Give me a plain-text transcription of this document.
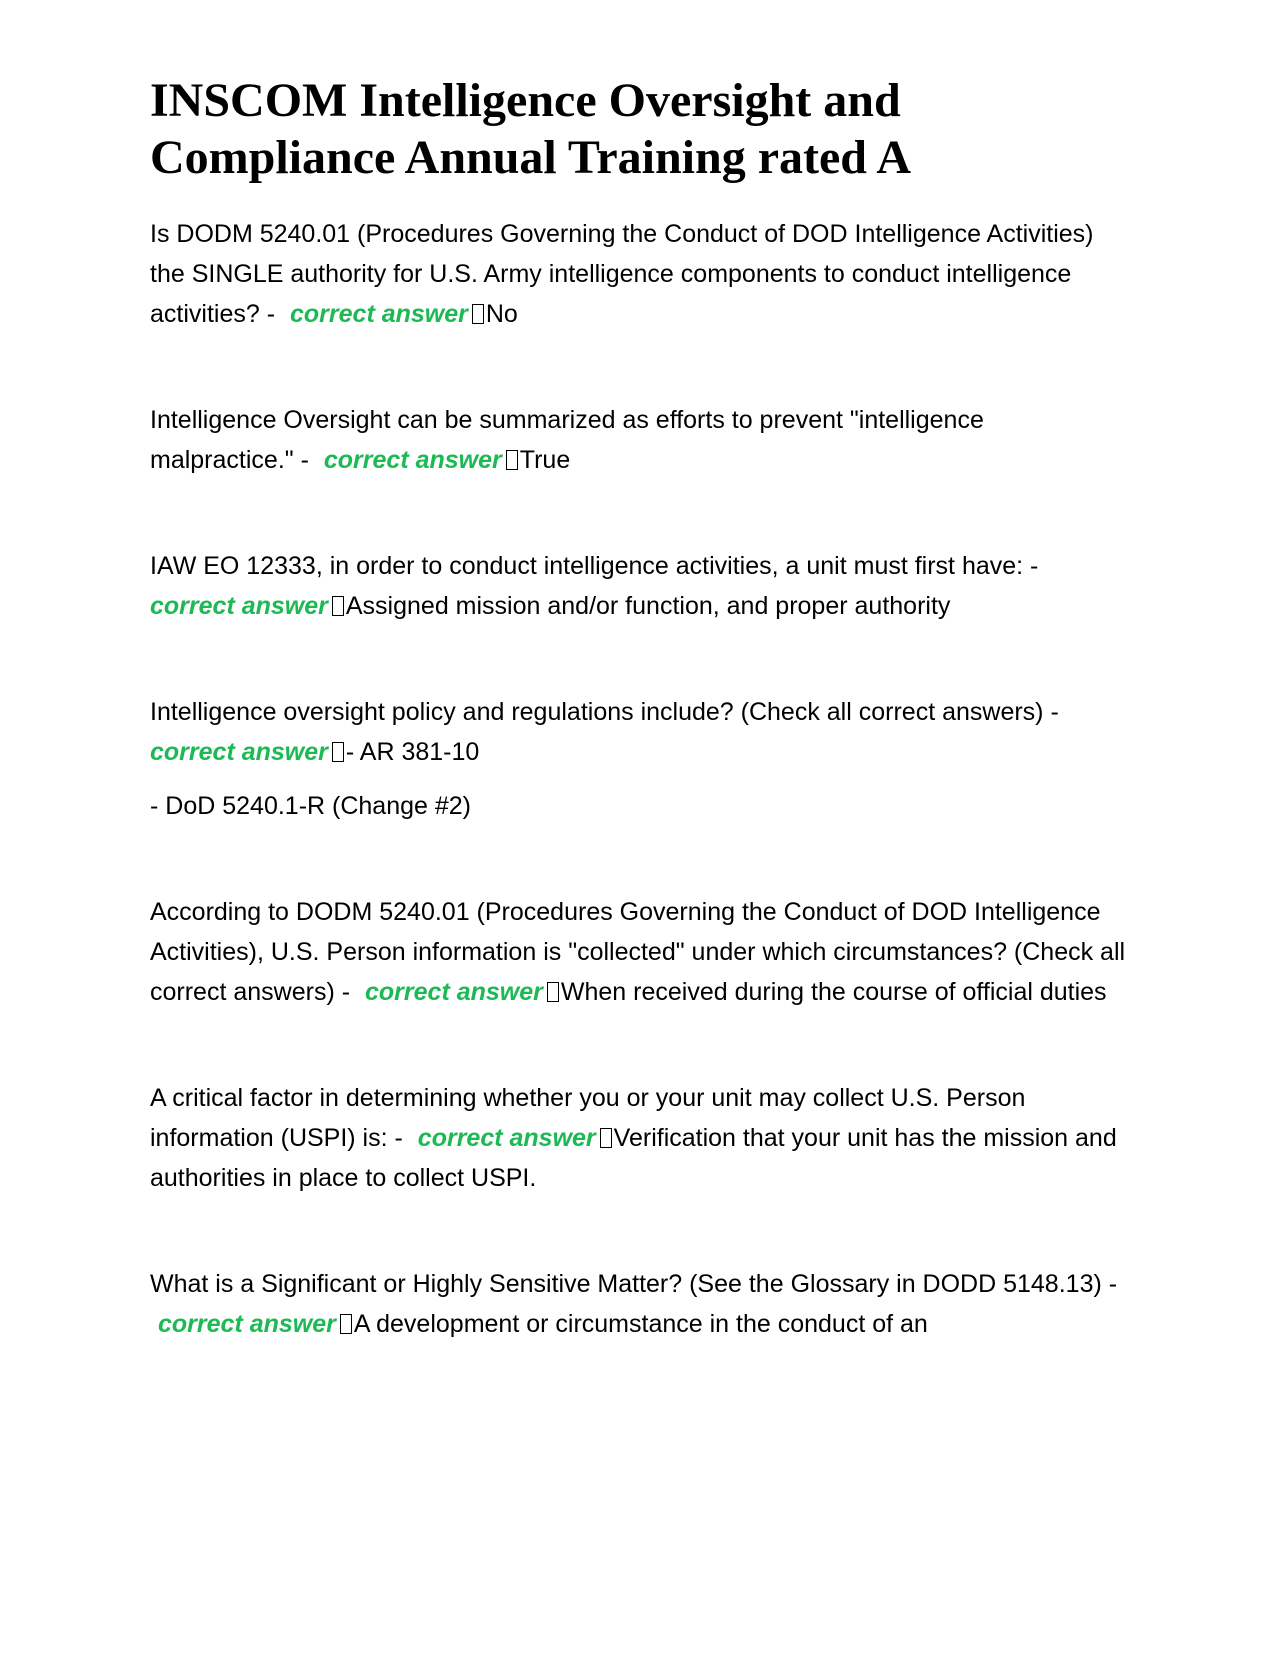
INSCOM Intelligence Oversight and Compliance Annual Training rated A

Is DODM 5240.01 (Procedures Governing the Conduct of DOD Intelligence Activities) the SINGLE authority for U.S. Army intelligence components to conduct intelligence activities? - correct answer No

Intelligence Oversight can be summarized as efforts to prevent "intelligence malpractice." - correct answer True

IAW EO 12333, in order to conduct intelligence activities, a unit must first have: - correct answer Assigned mission and/or function, and proper authority

Intelligence oversight policy and regulations include? (Check all correct answers) - correct answer - AR 381-10

- DoD 5240.1-R (Change #2)

According to DODM 5240.01 (Procedures Governing the Conduct of DOD Intelligence Activities), U.S. Person information is "collected" under which circumstances? (Check all correct answers) - correct answer When received during the course of official duties

A critical factor in determining whether you or your unit may collect U.S. Person information (USPI) is: - correct answer Verification that your unit has the mission and authorities in place to collect USPI.

What is a Significant or Highly Sensitive Matter? (See the Glossary in DODD 5148.13) - correct answer A development or circumstance in the conduct of an
